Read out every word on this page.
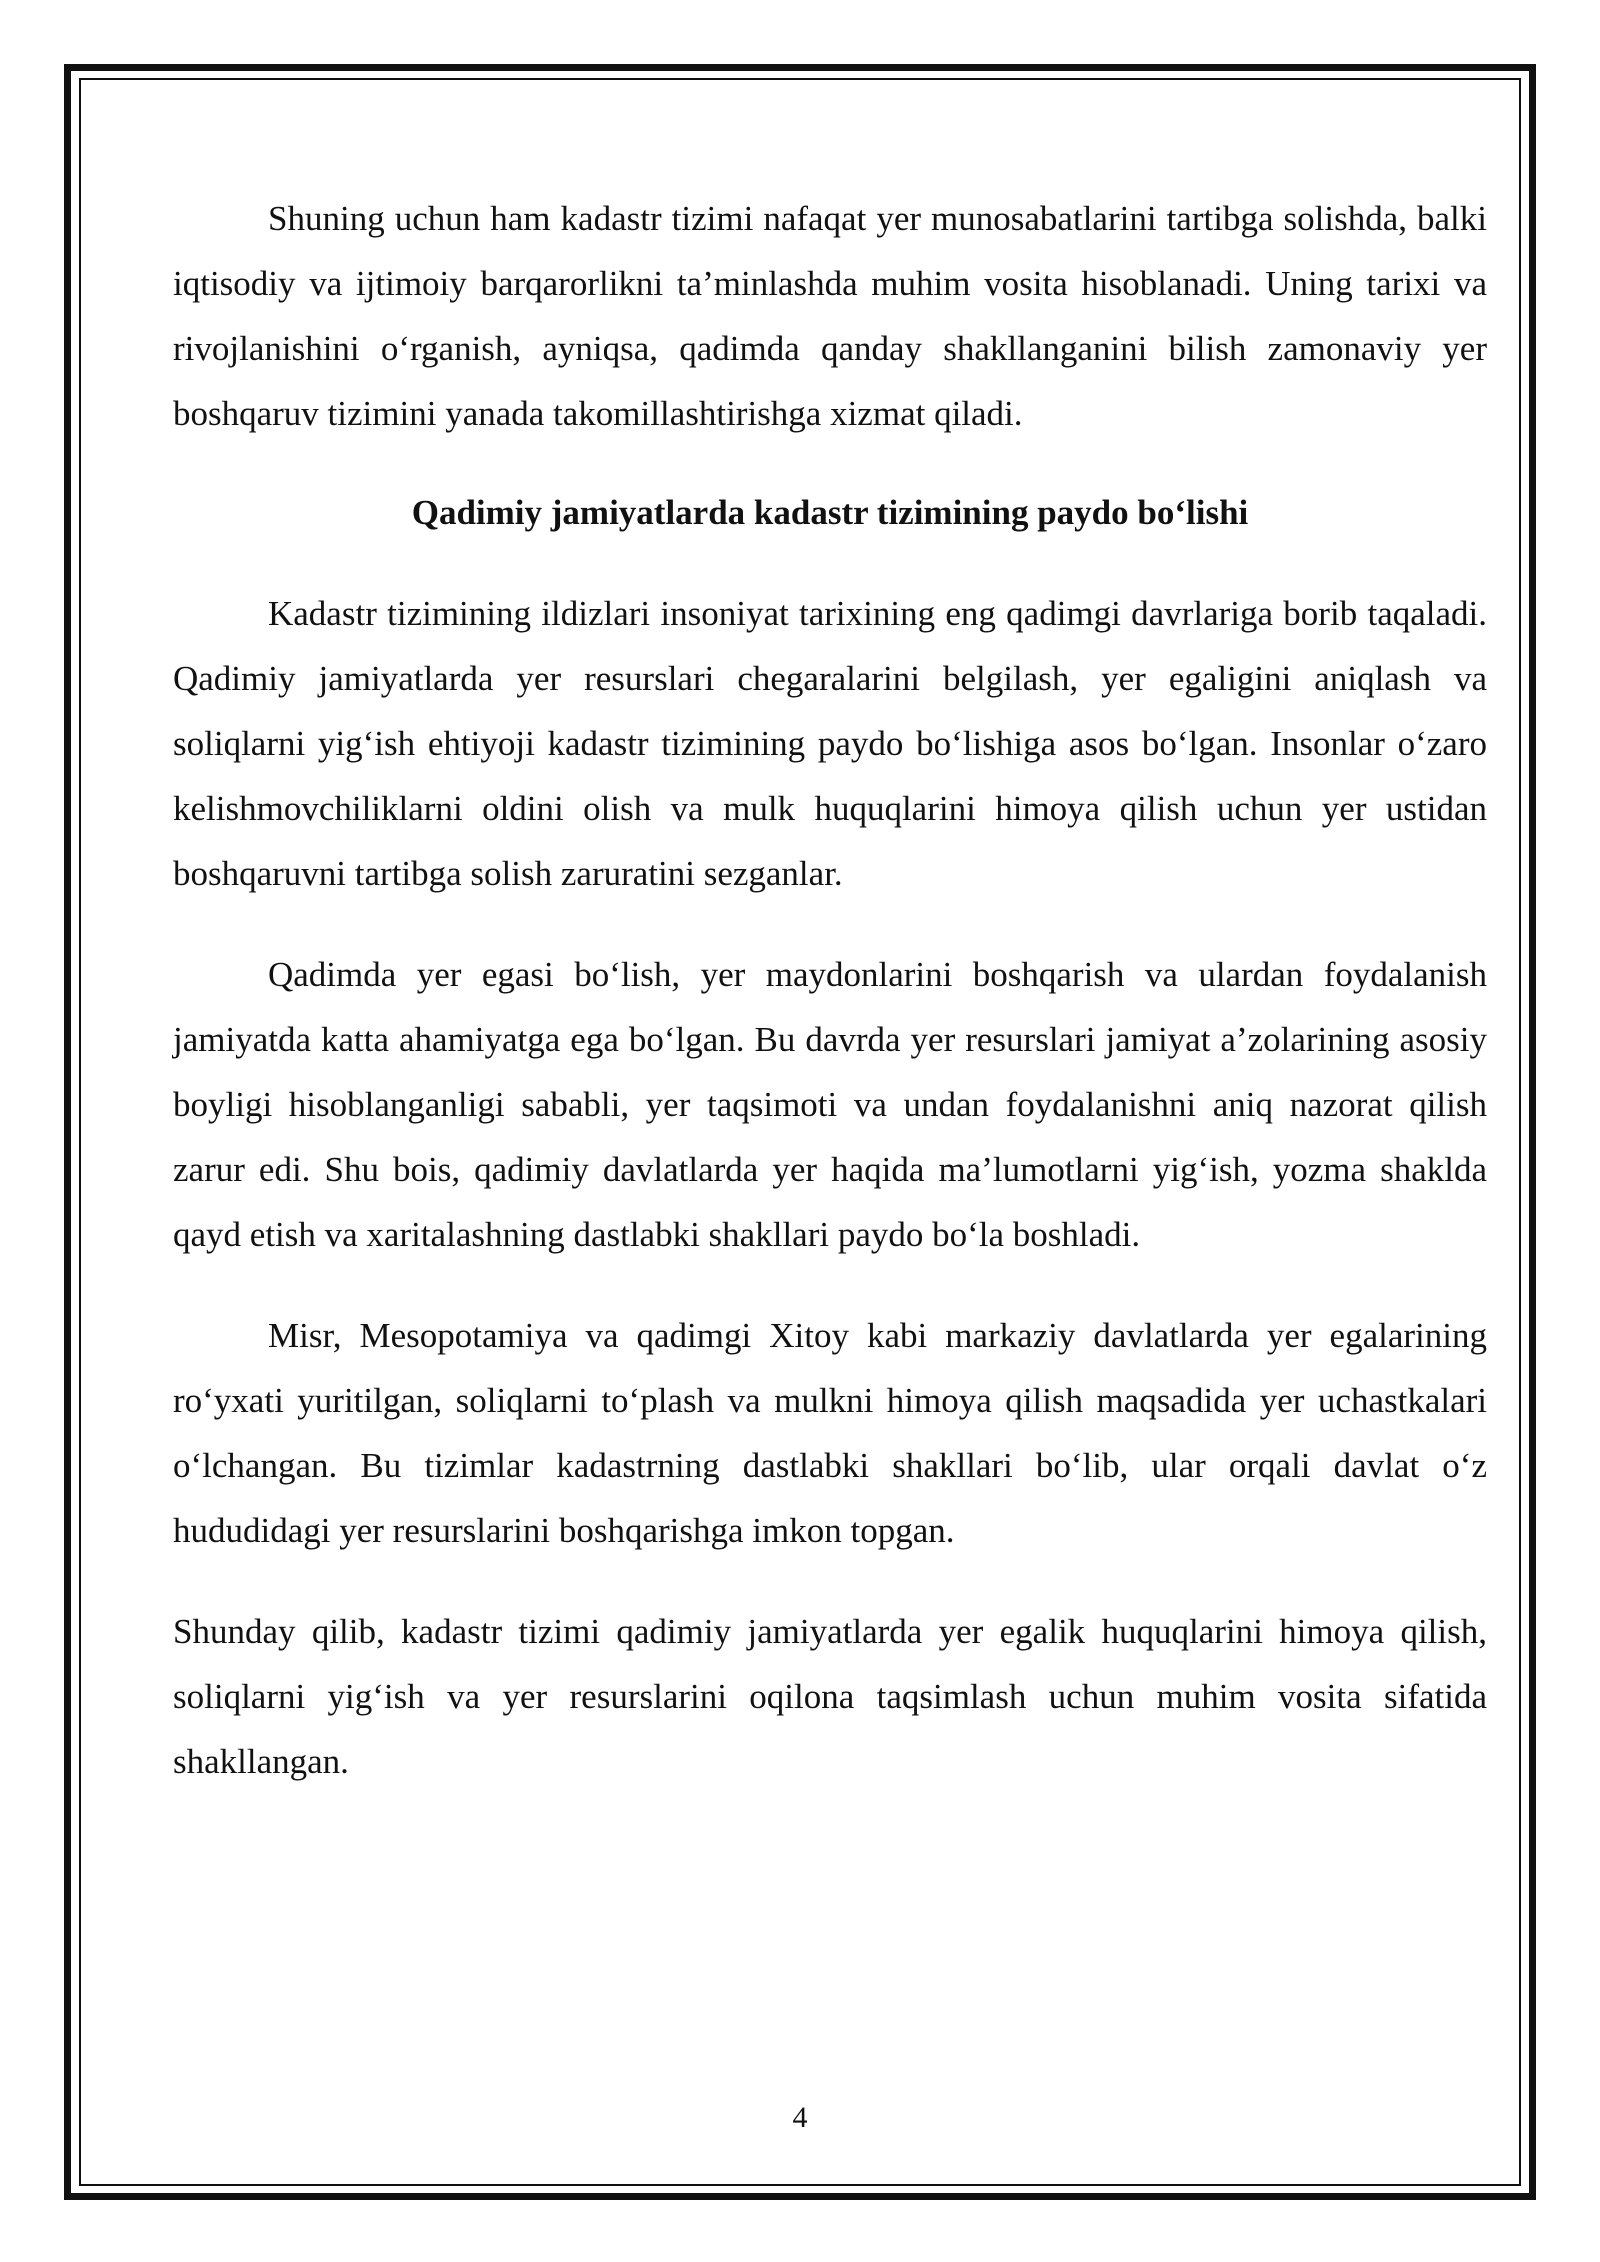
Shuning uchun ham kadastr tizimi nafaqat yer munosabatlarini tartibga solishda, balki iqtisodiy va ijtimoiy barqarorlikni ta’minlashda muhim vosita hisoblanadi. Uning tarixi va rivojlanishini o‘rganish, ayniqsa, qadimda qanday shakllanganini bilish zamonaviy yer boshqaruv tizimini yanada takomillashtirishga xizmat qiladi.

Qadimiy jamiyatlarda kadastr tizimining paydo bo‘lishi

Kadastr tizimining ildizlari insoniyat tarixining eng qadimgi davrlariga borib taqaladi. Qadimiy jamiyatlarda yer resurslari chegaralarini belgilash, yer egaligini aniqlash va soliqlarni yig‘ish ehtiyoji kadastr tizimining paydo bo‘lishiga asos bo‘lgan. Insonlar o‘zaro kelishmovchiliklarni oldini olish va mulk huquqlarini himoya qilish uchun yer ustidan boshqaruvni tartibga solish zaruratini sezganlar.

Qadimda yer egasi bo‘lish, yer maydonlarini boshqarish va ulardan foydalanish jamiyatda katta ahamiyatga ega bo‘lgan. Bu davrda yer resurslari jamiyat a’zolarining asosiy boyligi hisoblanganligi sababli, yer taqsimoti va undan foydalanishni aniq nazorat qilish zarur edi. Shu bois, qadimiy davlatlarda yer haqida ma’lumotlarni yig‘ish, yozma shaklda qayd etish va xaritalashning dastlabki shakllari paydo bo‘la boshladi.

Misr, Mesopotamiya va qadimgi Xitoy kabi markaziy davlatlarda yer egalarining ro‘yxati yuritilgan, soliqlarni to‘plash va mulkni himoya qilish maqsadida yer uchastkalari o‘lchangan. Bu tizimlar kadastrning dastlabki shakllari bo‘lib, ular orqali davlat o‘z hududidagi yer resurslarini boshqarishga imkon topgan.

Shunday qilib, kadastr tizimi qadimiy jamiyatlarda yer egalik huquqlarini himoya qilish, soliqlarni yig‘ish va yer resurslarini oqilona taqsimlash uchun muhim vosita sifatida shakllangan.

4
